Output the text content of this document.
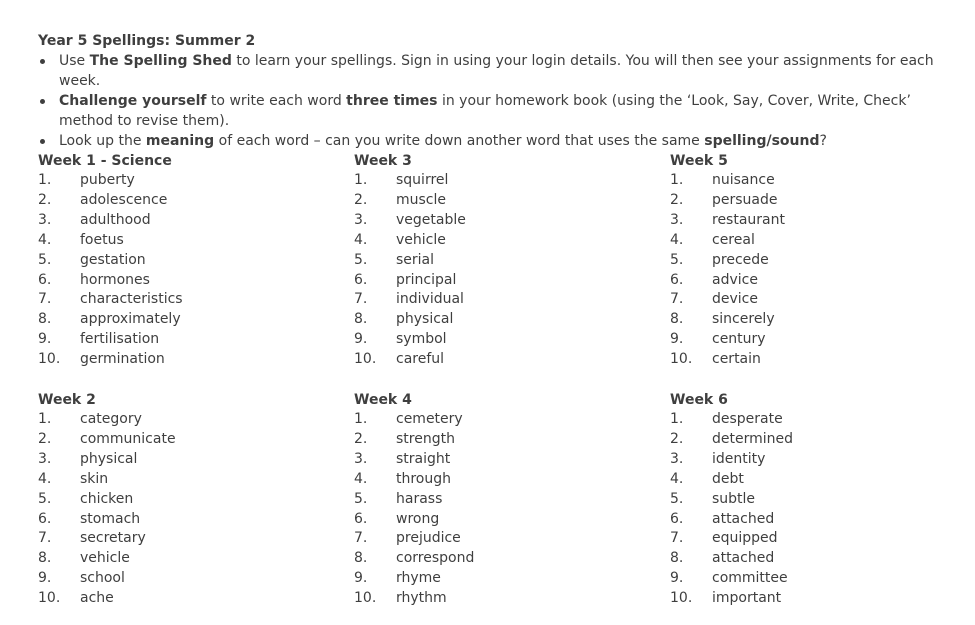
Year 5 Spellings: Summer 2

Use The Spelling Shed to learn your spellings. Sign in using your login details. You will then see your assignments for each week.
Challenge yourself to write each word three times in your homework book (using the ‘Look, Say, Cover, Write, Check’ method to revise them).
Look up the meaning of each word – can you write down another word that uses the same spelling/sound?
Week 1 - Science
1.	puberty
2.	adolescence
3.	adulthood
4.	foetus
5.	gestation
6.	hormones
7.	characteristics
8.	approximately
9.	fertilisation
10.	germination
Week 3
1.	squirrel
2.	muscle
3.	vegetable
4.	vehicle
5.	serial
6.	principal
7.	individual
8.	physical
9.	symbol
10.	careful
Week 5
1.	nuisance
2.	persuade
3.	restaurant
4.	cereal
5.	precede
6.	advice
7.	device
8.	sincerely
9.	century
10.	certain
Week 2
1.	category
2.	communicate
3.	physical
4.	skin
5.	chicken
6.	stomach
7.	secretary
8.	vehicle
9.	school
10.	ache
Week 4
1.	cemetery
2.	strength
3.	straight
4.	through
5.	harass
6.	wrong
7.	prejudice
8.	correspond
9.	rhyme
10.	rhythm
Week 6
1.	desperate
2.	determined
3.	identity
4.	debt
5.	subtle
6.	attached
7.	equipped
8.	attached
9.	committee
10.	important
